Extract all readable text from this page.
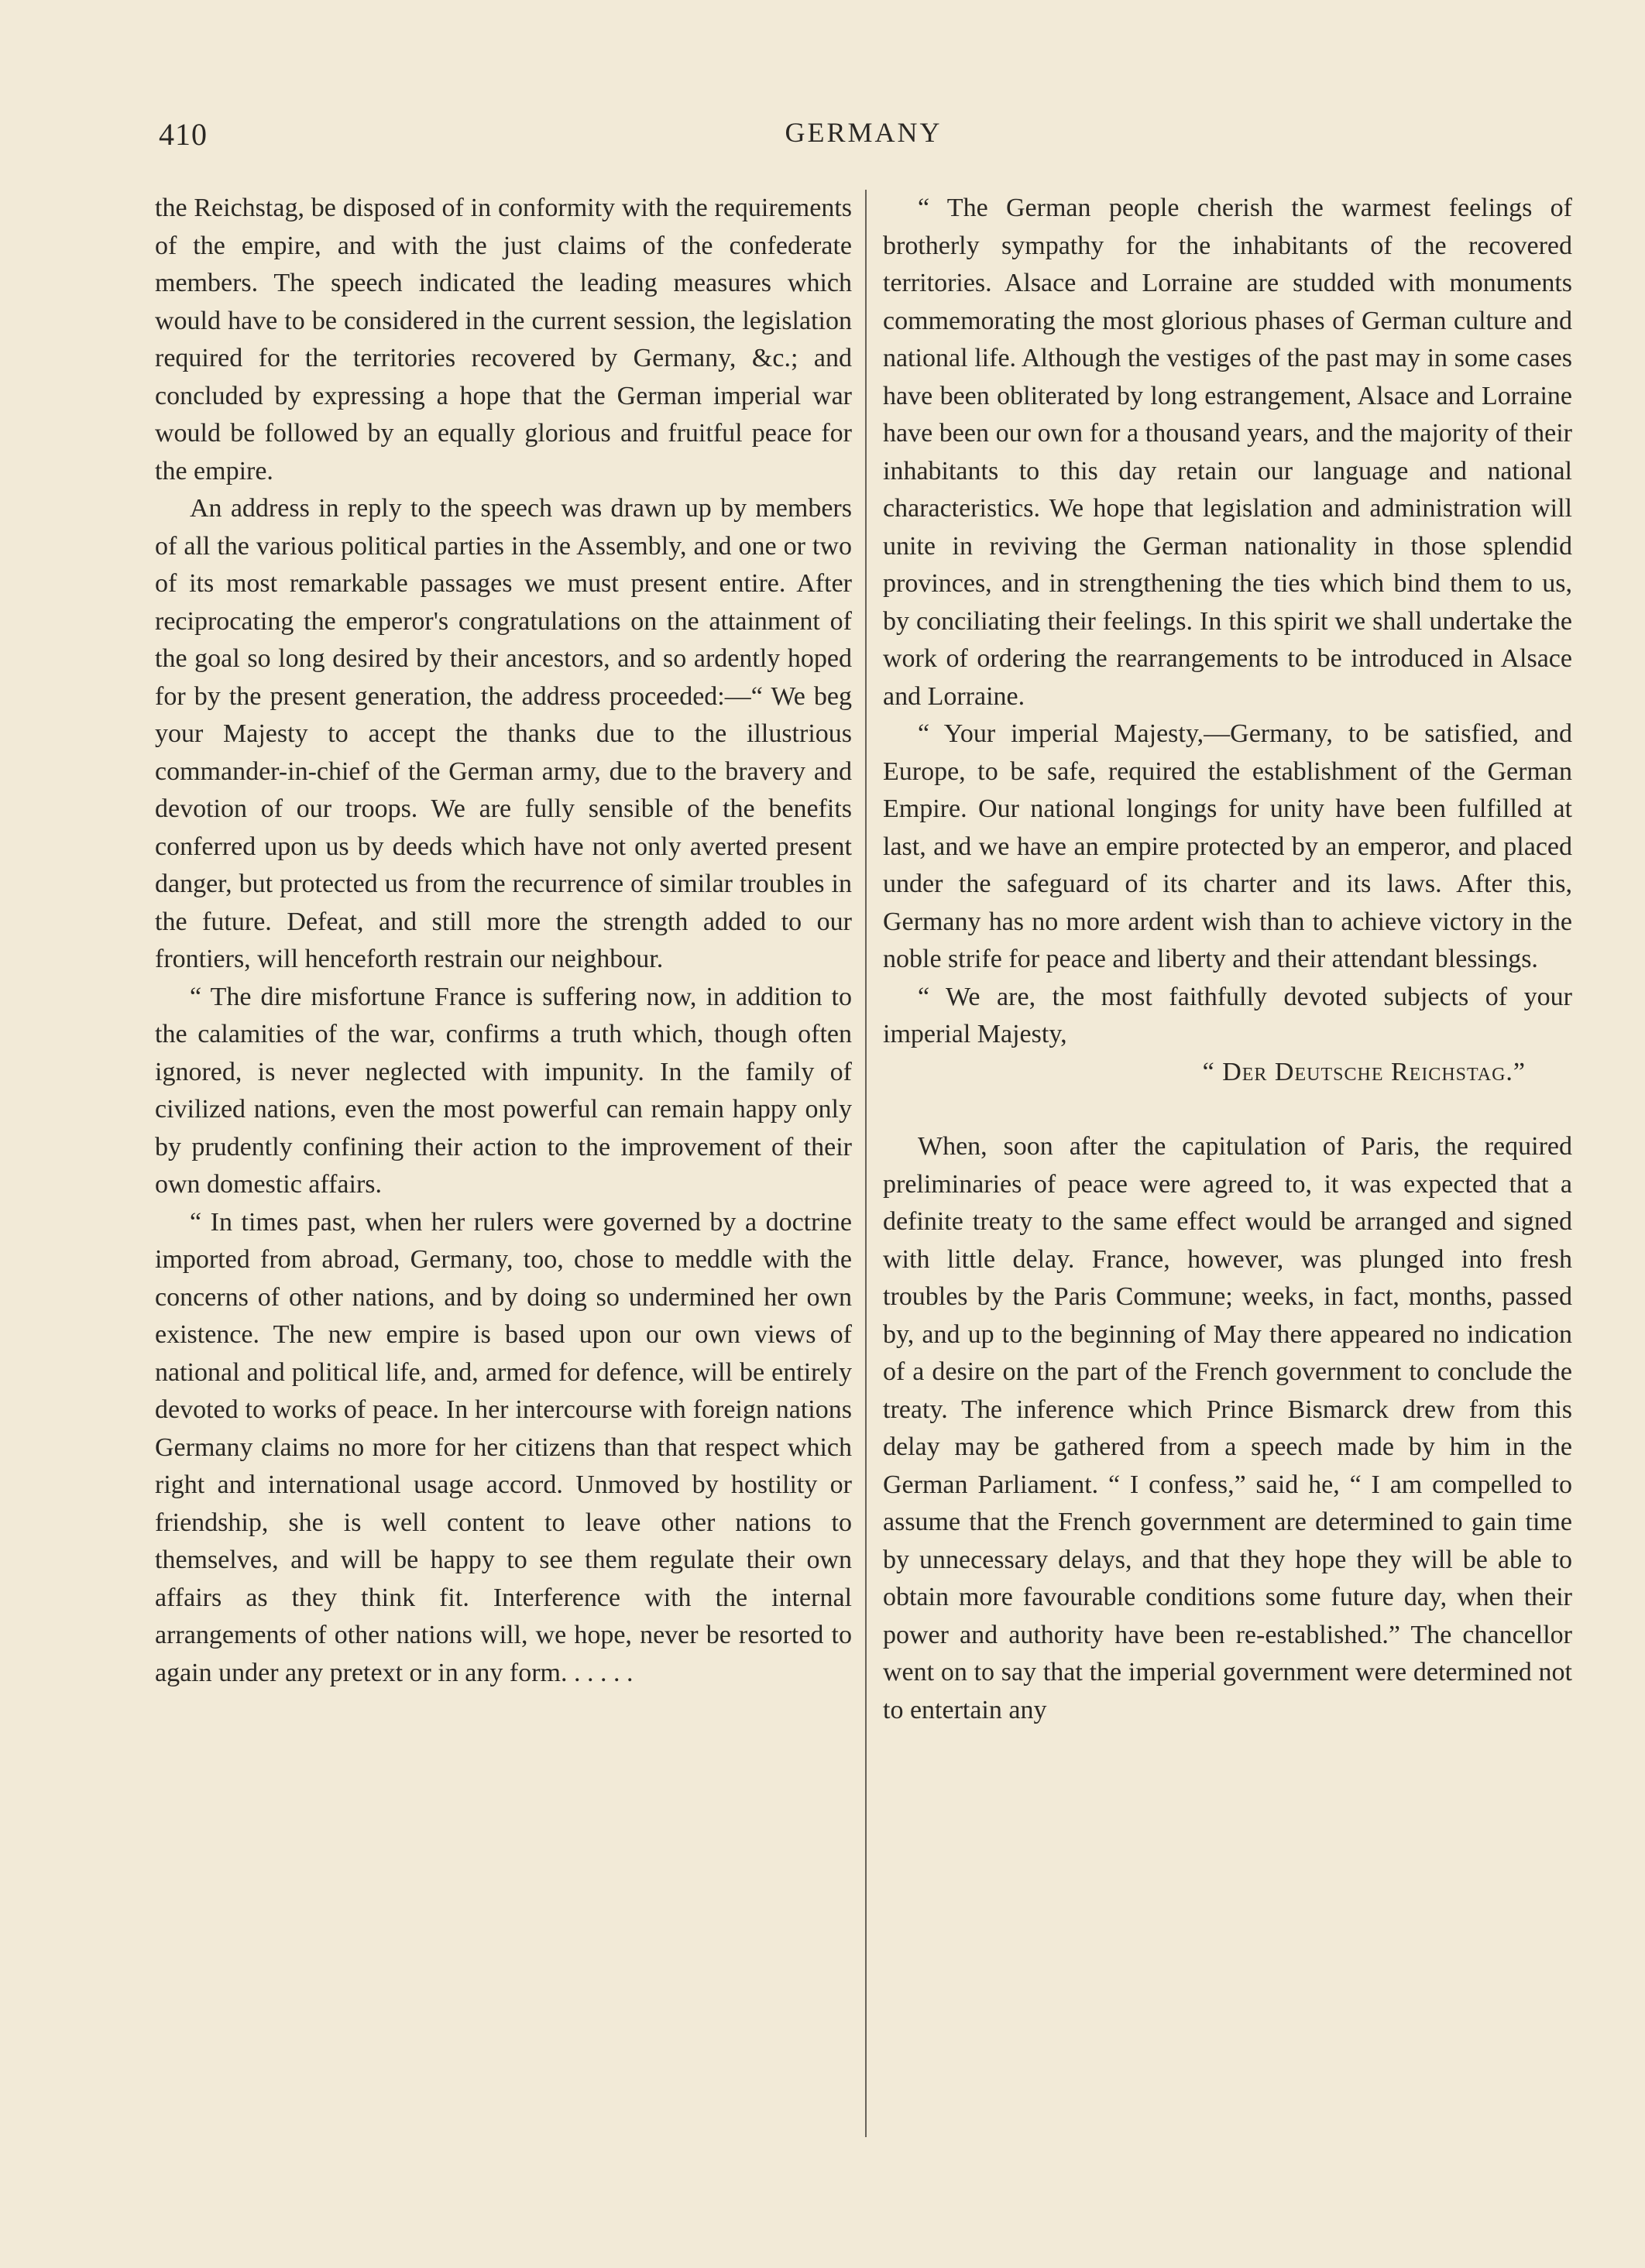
410	GERMANY

the Reichstag, be disposed of in conformity with the requirements of the empire, and with the just claims of the confederate members. The speech indicated the leading measures which would have to be considered in the current session, the legislation required for the territories recovered by Germany, &c.; and concluded by expressing a hope that the German imperial war would be followed by an equally glorious and fruitful peace for the empire.

An address in reply to the speech was drawn up by members of all the various political parties in the Assembly, and one or two of its most remarkable passages we must present entire. After reciprocating the emperor's congratulations on the attainment of the goal so long desired by their ancestors, and so ardently hoped for by the present generation, the address proceeded:—“ We beg your Majesty to accept the thanks due to the illustrious commander-in-chief of the German army, due to the bravery and devotion of our troops. We are fully sensible of the benefits conferred upon us by deeds which have not only averted present danger, but protected us from the recurrence of similar troubles in the future. Defeat, and still more the strength added to our frontiers, will henceforth restrain our neighbour.

“ The dire misfortune France is suffering now, in addition to the calamities of the war, confirms a truth which, though often ignored, is never neglected with impunity. In the family of civilized nations, even the most powerful can remain happy only by prudently confining their action to the improvement of their own domestic affairs.

“ In times past, when her rulers were governed by a doctrine imported from abroad, Germany, too, chose to meddle with the concerns of other nations, and by doing so undermined her own existence. The new empire is based upon our own views of national and political life, and, armed for defence, will be entirely devoted to works of peace. In her intercourse with foreign nations Germany claims no more for her citizens than that respect which right and international usage accord. Unmoved by hostility or friendship, she is well content to leave other nations to themselves, and will be happy to see them regulate their own affairs as they think fit. Interference with the internal arrangements of other nations will, we hope, never be resorted to again under any pretext or in any form. . . . . .

“ The German people cherish the warmest feelings of brotherly sympathy for the inhabitants of the recovered territories. Alsace and Lorraine are studded with monuments commemorating the most glorious phases of German culture and national life. Although the vestiges of the past may in some cases have been obliterated by long estrangement, Alsace and Lorraine have been our own for a thousand years, and the majority of their inhabitants to this day retain our language and national characteristics. We hope that legislation and administration will unite in reviving the German nationality in those splendid provinces, and in strengthening the ties which bind them to us, by conciliating their feelings. In this spirit we shall undertake the work of ordering the rearrangements to be introduced in Alsace and Lorraine.

“ Your imperial Majesty,—Germany, to be satisfied, and Europe, to be safe, required the establishment of the German Empire. Our national longings for unity have been fulfilled at last, and we have an empire protected by an emperor, and placed under the safeguard of its charter and its laws. After this, Germany has no more ardent wish than to achieve victory in the noble strife for peace and liberty and their attendant blessings.

“ We are, the most faithfully devoted subjects of your imperial Majesty,

“ Der Deutsche Reichstag.”

When, soon after the capitulation of Paris, the required preliminaries of peace were agreed to, it was expected that a definite treaty to the same effect would be arranged and signed with little delay. France, however, was plunged into fresh troubles by the Paris Commune; weeks, in fact, months, passed by, and up to the beginning of May there appeared no indication of a desire on the part of the French government to conclude the treaty. The inference which Prince Bismarck drew from this delay may be gathered from a speech made by him in the German Parliament. “ I confess,” said he, “ I am compelled to assume that the French government are determined to gain time by unnecessary delays, and that they hope they will be able to obtain more favourable conditions some future day, when their power and authority have been re-established.” The chancellor went on to say that the imperial government were determined not to entertain any
